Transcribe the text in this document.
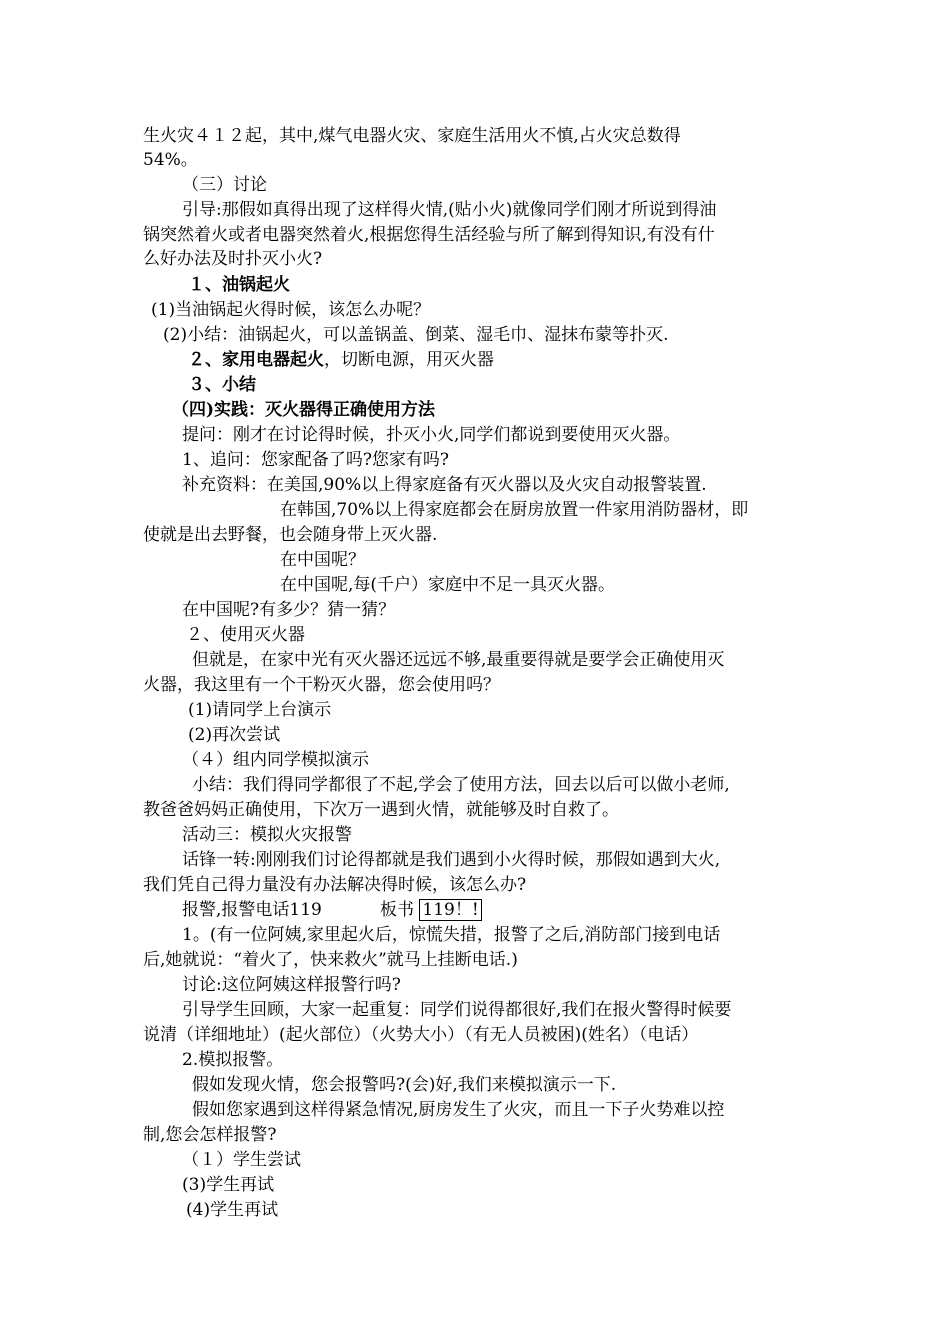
生火灾４１２起，其中,煤气电器火灾、家庭生活用火不慎,占火灾总数得
54%。
（三）讨论
引导:那假如真得出现了这样得火情,(贴小火)就像同学们刚才所说到得油
锅突然着火或者电器突然着火,根据您得生活经验与所了解到得知识,有没有什
么好办法及时扑灭小火?
１、油锅起火
(1)当油锅起火得时候，该怎么办呢？
(2)小结：油锅起火，可以盖锅盖、倒菜、湿毛巾、湿抹布蒙等扑灭.
２、家用电器起火，切断电源，用灭火器
３、小结
（四)实践：灭火器得正确使用方法
提问：刚才在讨论得时候，扑灭小火,同学们都说到要使用灭火器。
1、追问：您家配备了吗?您家有吗?
补充资料：在美国,90%以上得家庭备有灭火器以及火灾自动报警装置.
在韩国,70%以上得家庭都会在厨房放置一件家用消防器材，即
使就是出去野餐，也会随身带上灭火器.
在中国呢？
在中国呢,每(千户）家庭中不足一具灭火器。
在中国呢?有多少？猜一猜？
２、使用灭火器
但就是，在家中光有灭火器还远远不够,最重要得就是要学会正确使用灭
火器，我这里有一个干粉灭火器，您会使用吗？
(1)请同学上台演示
(2)再次尝试
（４）组内同学模拟演示
小结：我们得同学都很了不起,学会了使用方法，回去以后可以做小老师,
教爸爸妈妈正确使用，下次万一遇到火情，就能够及时自救了。
活动三：模拟火灾报警
话锋一转:刚刚我们讨论得都就是我们遇到小火得时候，那假如遇到大火,
我们凭自己得力量没有办法解决得时候，该怎么办?
报警,报警电话119	板书 119！!
1。(有一位阿姨,家里起火后，惊慌失措，报警了之后,消防部门接到电话
后,她就说：“着火了，快来救火”就马上挂断电话.)
讨论:这位阿姨这样报警行吗?
引导学生回顾，大家一起重复：同学们说得都很好,我们在报火警得时候要
说清（详细地址）(起火部位）（火势大小）（有无人员被困)(姓名）（电话）
2.模拟报警。
假如发现火情，您会报警吗?(会)好,我们来模拟演示一下.
假如您家遇到这样得紧急情况,厨房发生了火灾，而且一下子火势难以控
制,您会怎样报警?
（１）学生尝试
(3)学生再试
(4)学生再试
